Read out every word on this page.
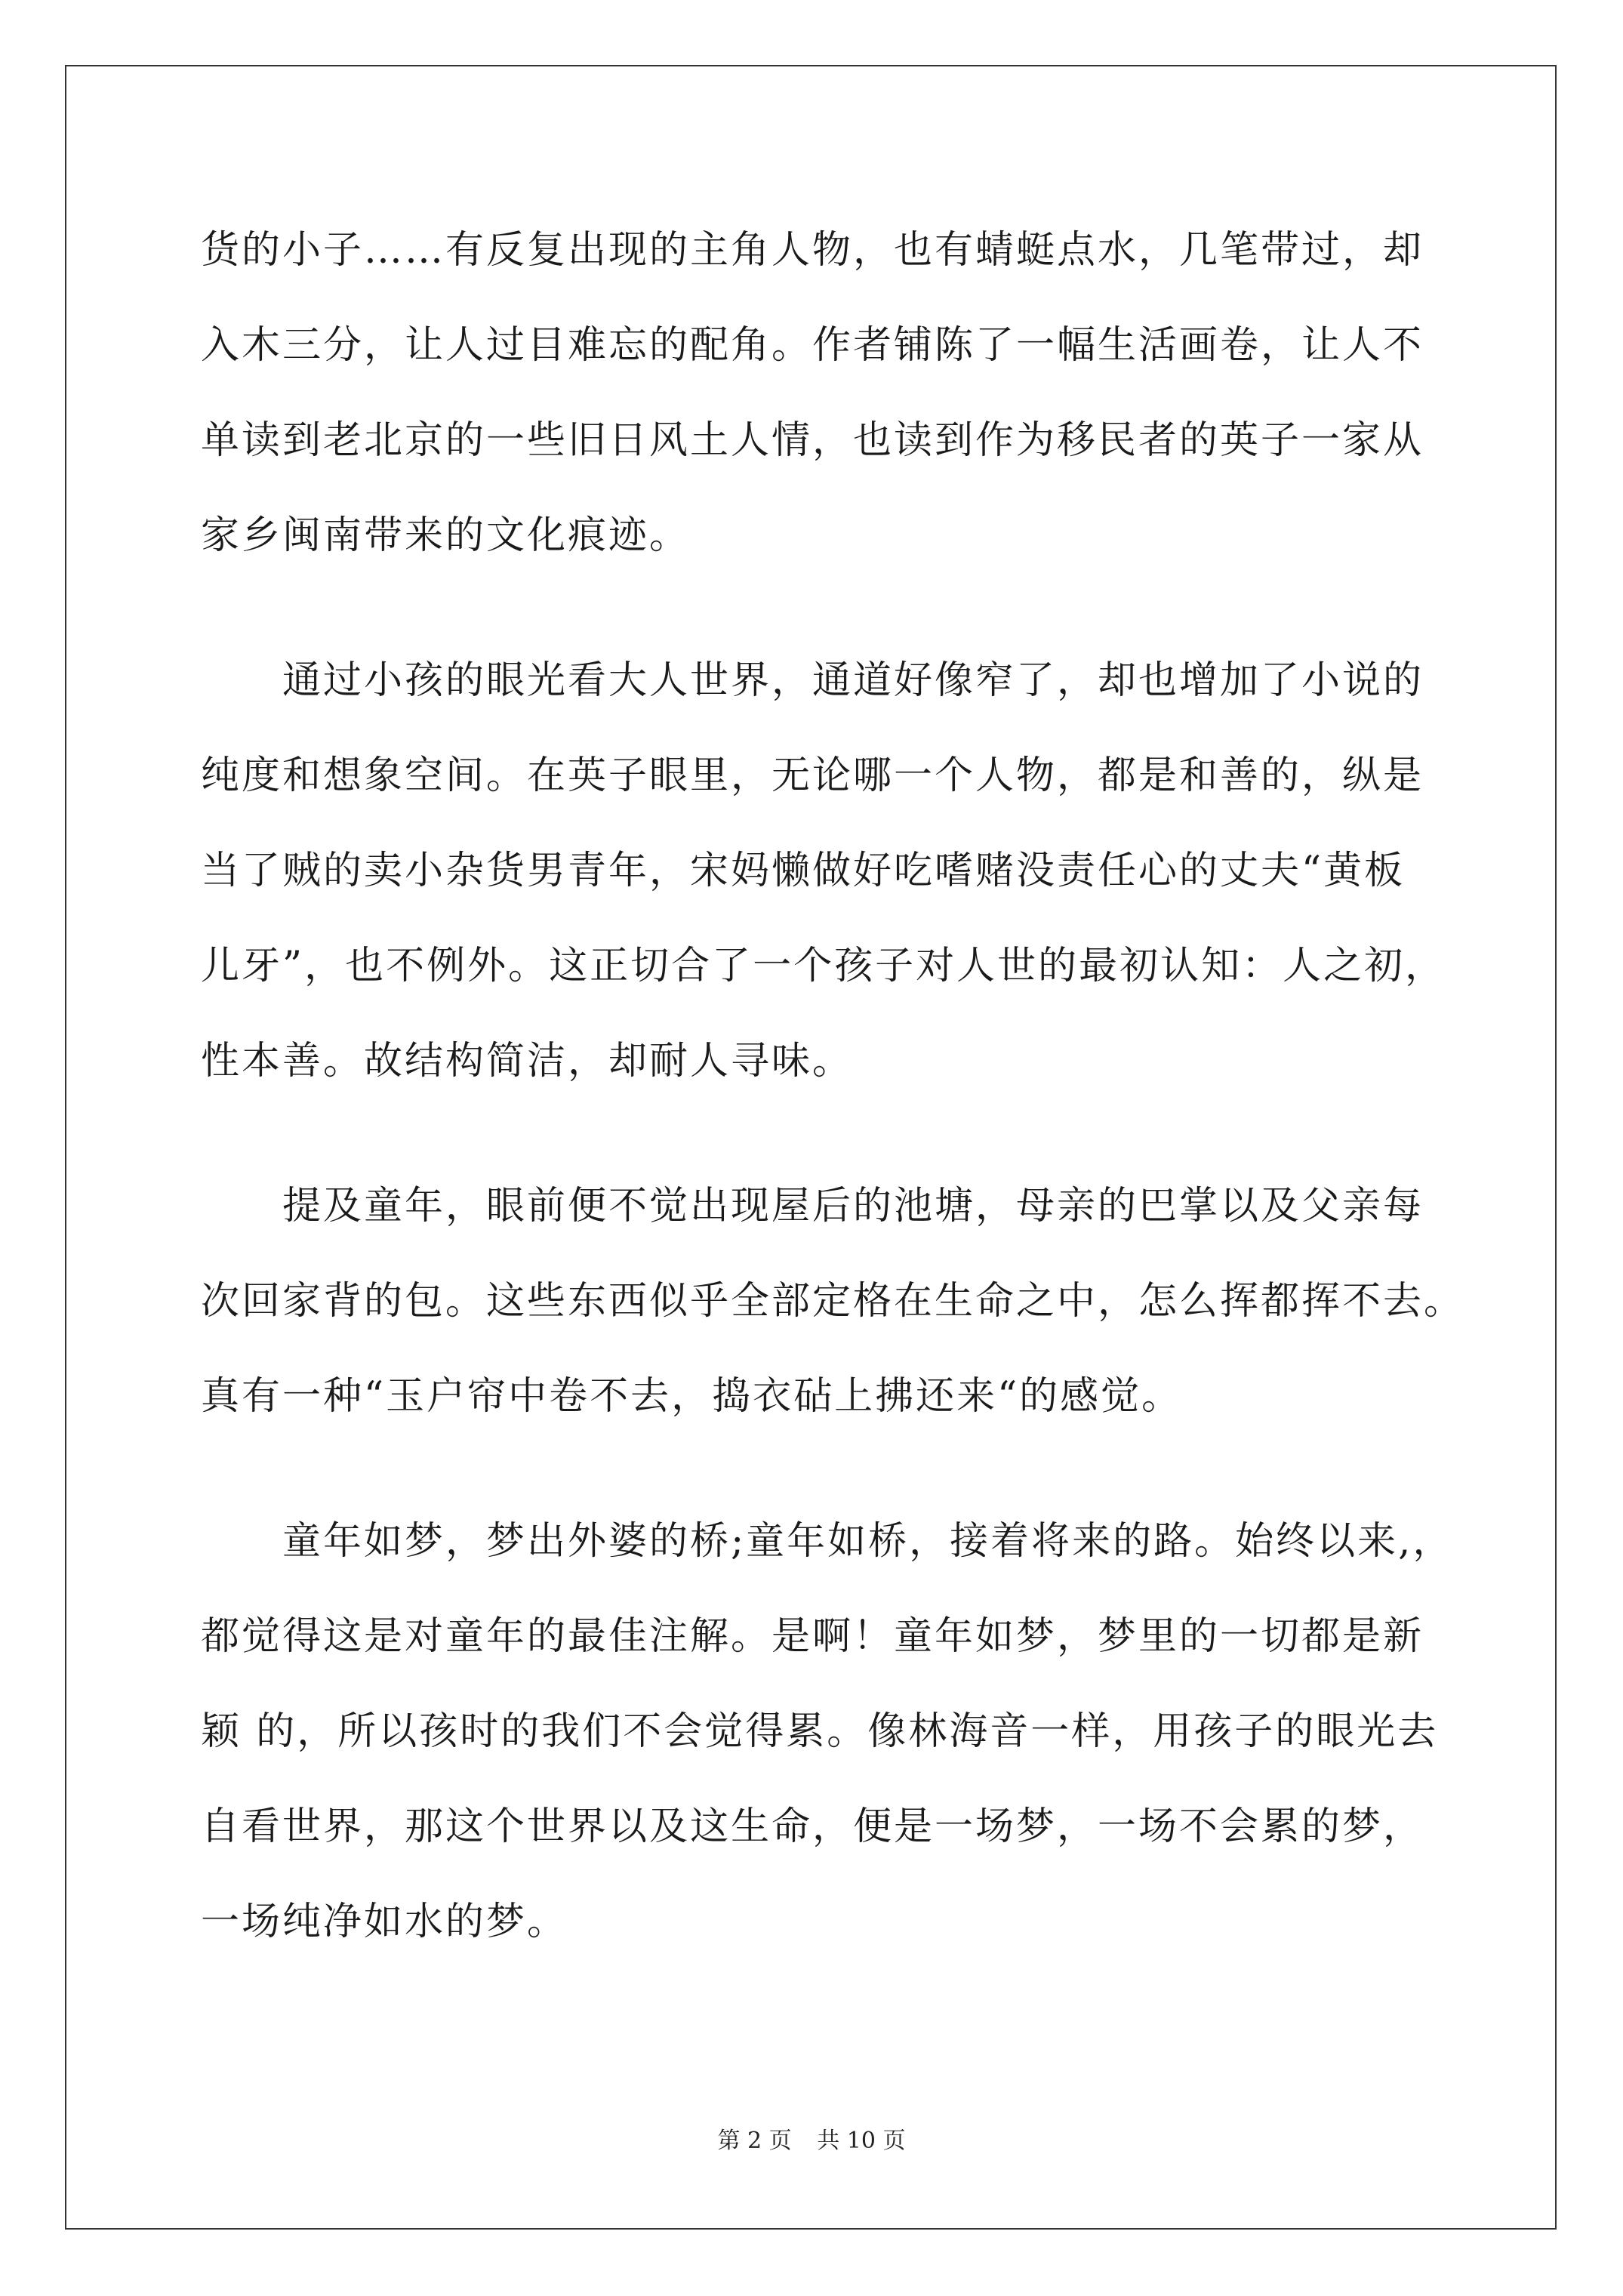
货的小子……有反复出现的主角人物，也有蜻蜓点水，几笔带过，却
入木三分，让人过目难忘的配角。作者铺陈了一幅生活画卷，让人不
单读到老北京的一些旧日风土人情，也读到作为移民者的英子一家从
家乡闽南带来的文化痕迹。
通过小孩的眼光看大人世界，通道好像窄了，却也增加了小说的
纯度和想象空间。在英子眼里，无论哪一个人物，都是和善的，纵是
当了贼的卖小杂货男青年，宋妈懒做好吃嗜赌没责任心的丈夫“黄板
儿牙”，也不例外。这正切合了一个孩子对人世的最初认知：人之初，
性本善。故结构简洁，却耐人寻味。
提及童年，眼前便不觉出现屋后的池塘，母亲的巴掌以及父亲每
次回家背的包。这些东西似乎全部定格在生命之中，怎么挥都挥不去。
真有一种“玉户帘中卷不去，捣衣砧上拂还来“的感觉。
童年如梦，梦出外婆的桥;童年如桥，接着将来的路。始终以来,，
都觉得这是对童年的最佳注解。是啊！童年如梦，梦里的一切都是新
颖 的，所以孩时的我们不会觉得累。像林海音一样，用孩子的眼光去
自看世界，那这个世界以及这生命，便是一场梦，一场不会累的梦，
一场纯净如水的梦。
第 2 页 共 10 页
